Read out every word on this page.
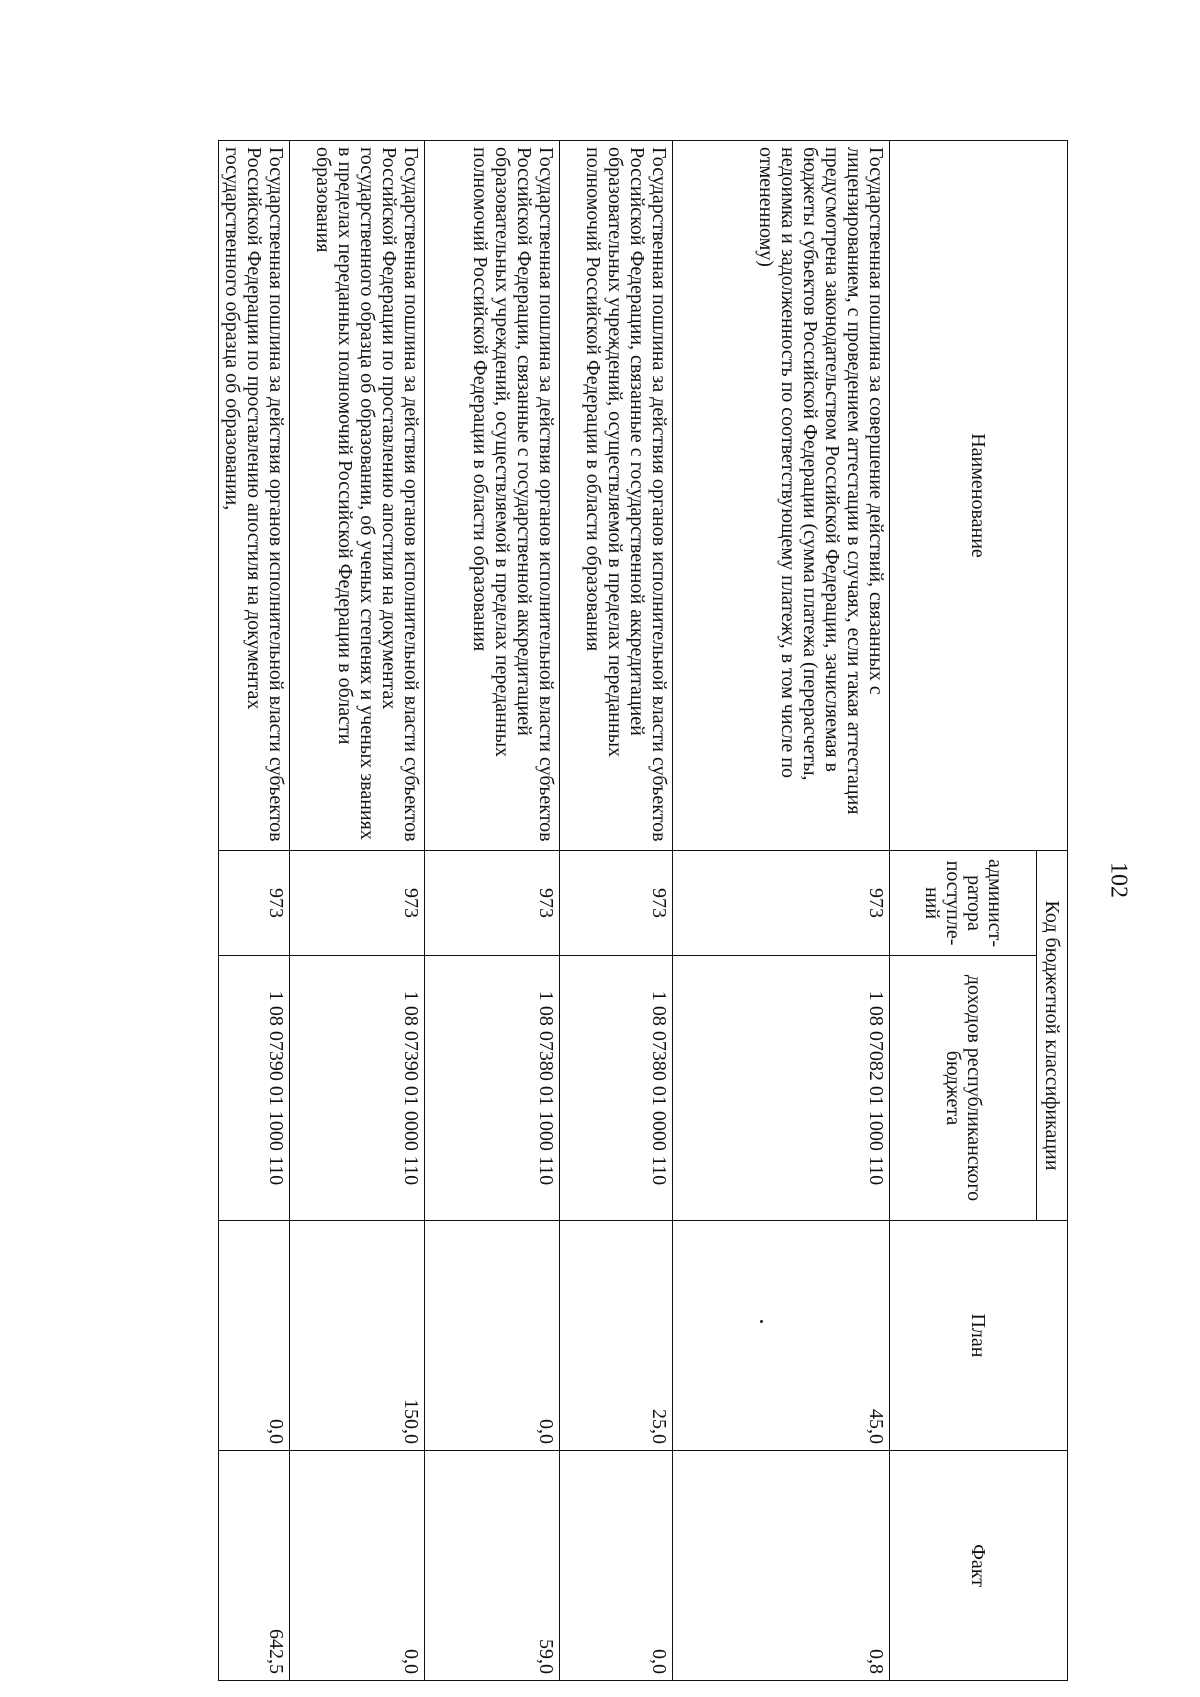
102
Наименование	Код бюджетной классификации		План	Факт
	админист-ратора поступле-ний	доходов республиканского бюджета		
Государственная пошлина за совершение действий, связанных с лицензированием, с проведением аттестации в случаях, если такая аттестация предусмотрена законодательством Российской Федерации, зачисляемая в бюджеты субъектов Российской Федерации (сумма платежа (перерасчеты, недоимка и задолженность по соответствующему платежу, в том числе по отмененному)	973	1 08 07082 01 1000 110	45,0	0,8
Государственная пошлина за действия органов исполнительной власти субъектов Российской Федерации, связанные с государственной аккредитацией образовательных учреждений, осуществляемой в пределах переданных полномочий Российской Федерации в области образования	973	1 08 07380 01 0000 110	25,0	0,0
Государственная пошлина за действия органов исполнительной власти субъектов Российской Федерации, связанные с государственной аккредитацией образовательных учреждений, осуществляемой в пределах переданных полномочий Российской Федерации в области образования	973	1 08 07380 01 1000 110	0,0	59,0
Государственная пошлина за действия органов исполнительной власти субъектов Российской Федерации по проставлению апостиля на документах государственного образца об образовании, об ученых степенях и ученых званиях в пределах переданных полномочий Российской Федерации в области образования	973	1 08 07390 01 0000 110	150,0	0,0
Государственная пошлина за действия органов исполнительной власти субъектов Российской Федерации по проставлению апостиля на документах государственного образца об образовании,	973	1 08 07390 01 1000 110	0,0	642,5
